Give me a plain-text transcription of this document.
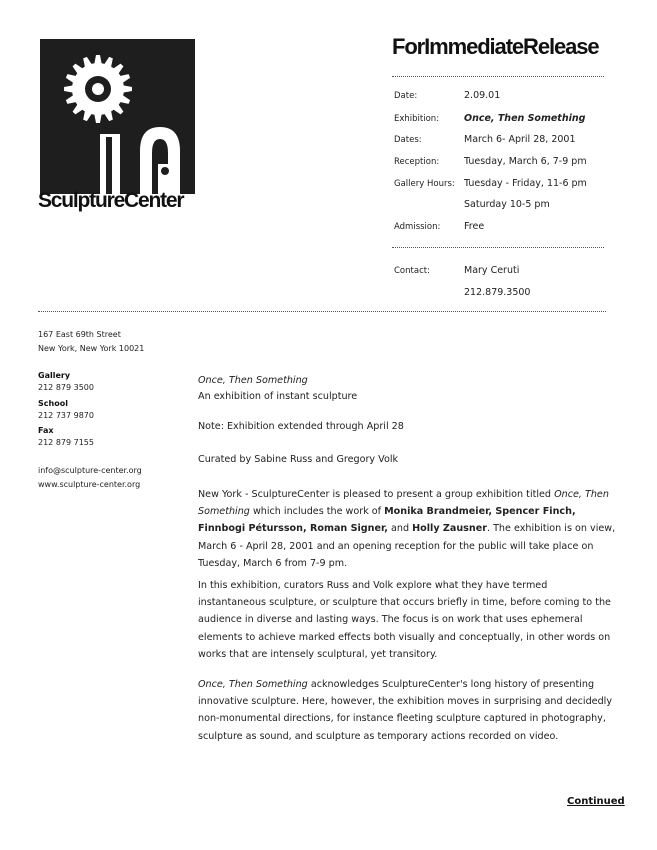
SculptureCenter
ForImmediateRelease
Date:	2.09.01
Exhibition:	Once, Then Something
Dates:	March 6- April 28, 2001
Reception:	Tuesday, March 6, 7-9 pm
Gallery Hours: Tuesday - Friday, 11-6 pm
Saturday 10-5 pm
Admission: Free
Contact:	Mary Ceruti
212.879.3500
167 East 69th Street
New York, New York 10021
Gallery
212 879 3500
School
212 737 9870
Fax
212 879 7155
info@sculpture-center.org
www.sculpture-center.org
Once, Then Something
An exhibition of instant sculpture
Note: Exhibition extended through April 28
Curated by Sabine Russ and Gregory Volk
New York - SculptureCenter is pleased to present a group exhibition titled Once, Then Something which includes the work of Monika Brandmeier, Spencer Finch, Finnbogi Pétursson, Roman Signer, and Holly Zausner. The exhibition is on view, March 6 - April 28, 2001 and an opening reception for the public will take place on Tuesday, March 6 from 7-9 pm.
In this exhibition, curators Russ and Volk explore what they have termed instantaneous sculpture, or sculpture that occurs briefly in time, before coming to the audience in diverse and lasting ways. The focus is on work that uses ephemeral elements to achieve marked effects both visually and conceptually, in other words on works that are intensely sculptural, yet transitory.
Once, Then Something acknowledges SculptureCenter's long history of presenting innovative sculpture. Here, however, the exhibition moves in surprising and decidedly non-monumental directions, for instance fleeting sculpture captured in photography, sculpture as sound, and sculpture as temporary actions recorded on video.
Continued
